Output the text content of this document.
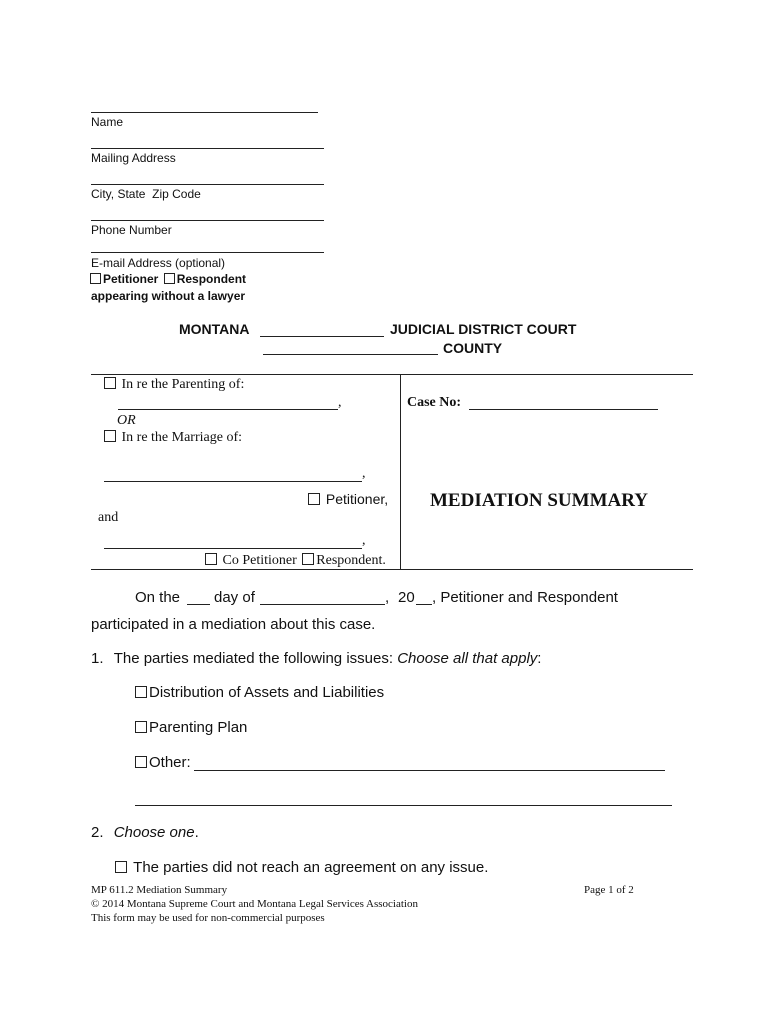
Name
Mailing Address
City, State  Zip Code
Phone Number
E-mail Address (optional)
Petitioner Respondent
appearing without a lawyer
MONTANA	JUDICIAL DISTRICT COURT
COUNTY
In re the Parenting of:
,
OR
In re the Marriage of:
,
Petitioner,
and
,
Co Petitioner Respondent.
Case No:
MEDIATION SUMMARY
On the day of	, 20 , Petitioner and Respondent
participated in a mediation about this case.
1. The parties mediated the following issues: Choose all that apply:
Distribution of Assets and Liabilities
Parenting Plan
Other:
2. Choose one.
The parties did not reach an agreement on any issue.
MP 611.2 Mediation Summary
© 2014 Montana Supreme Court and Montana Legal Services Association
This form may be used for non-commercial purposes
Page 1 of 2
